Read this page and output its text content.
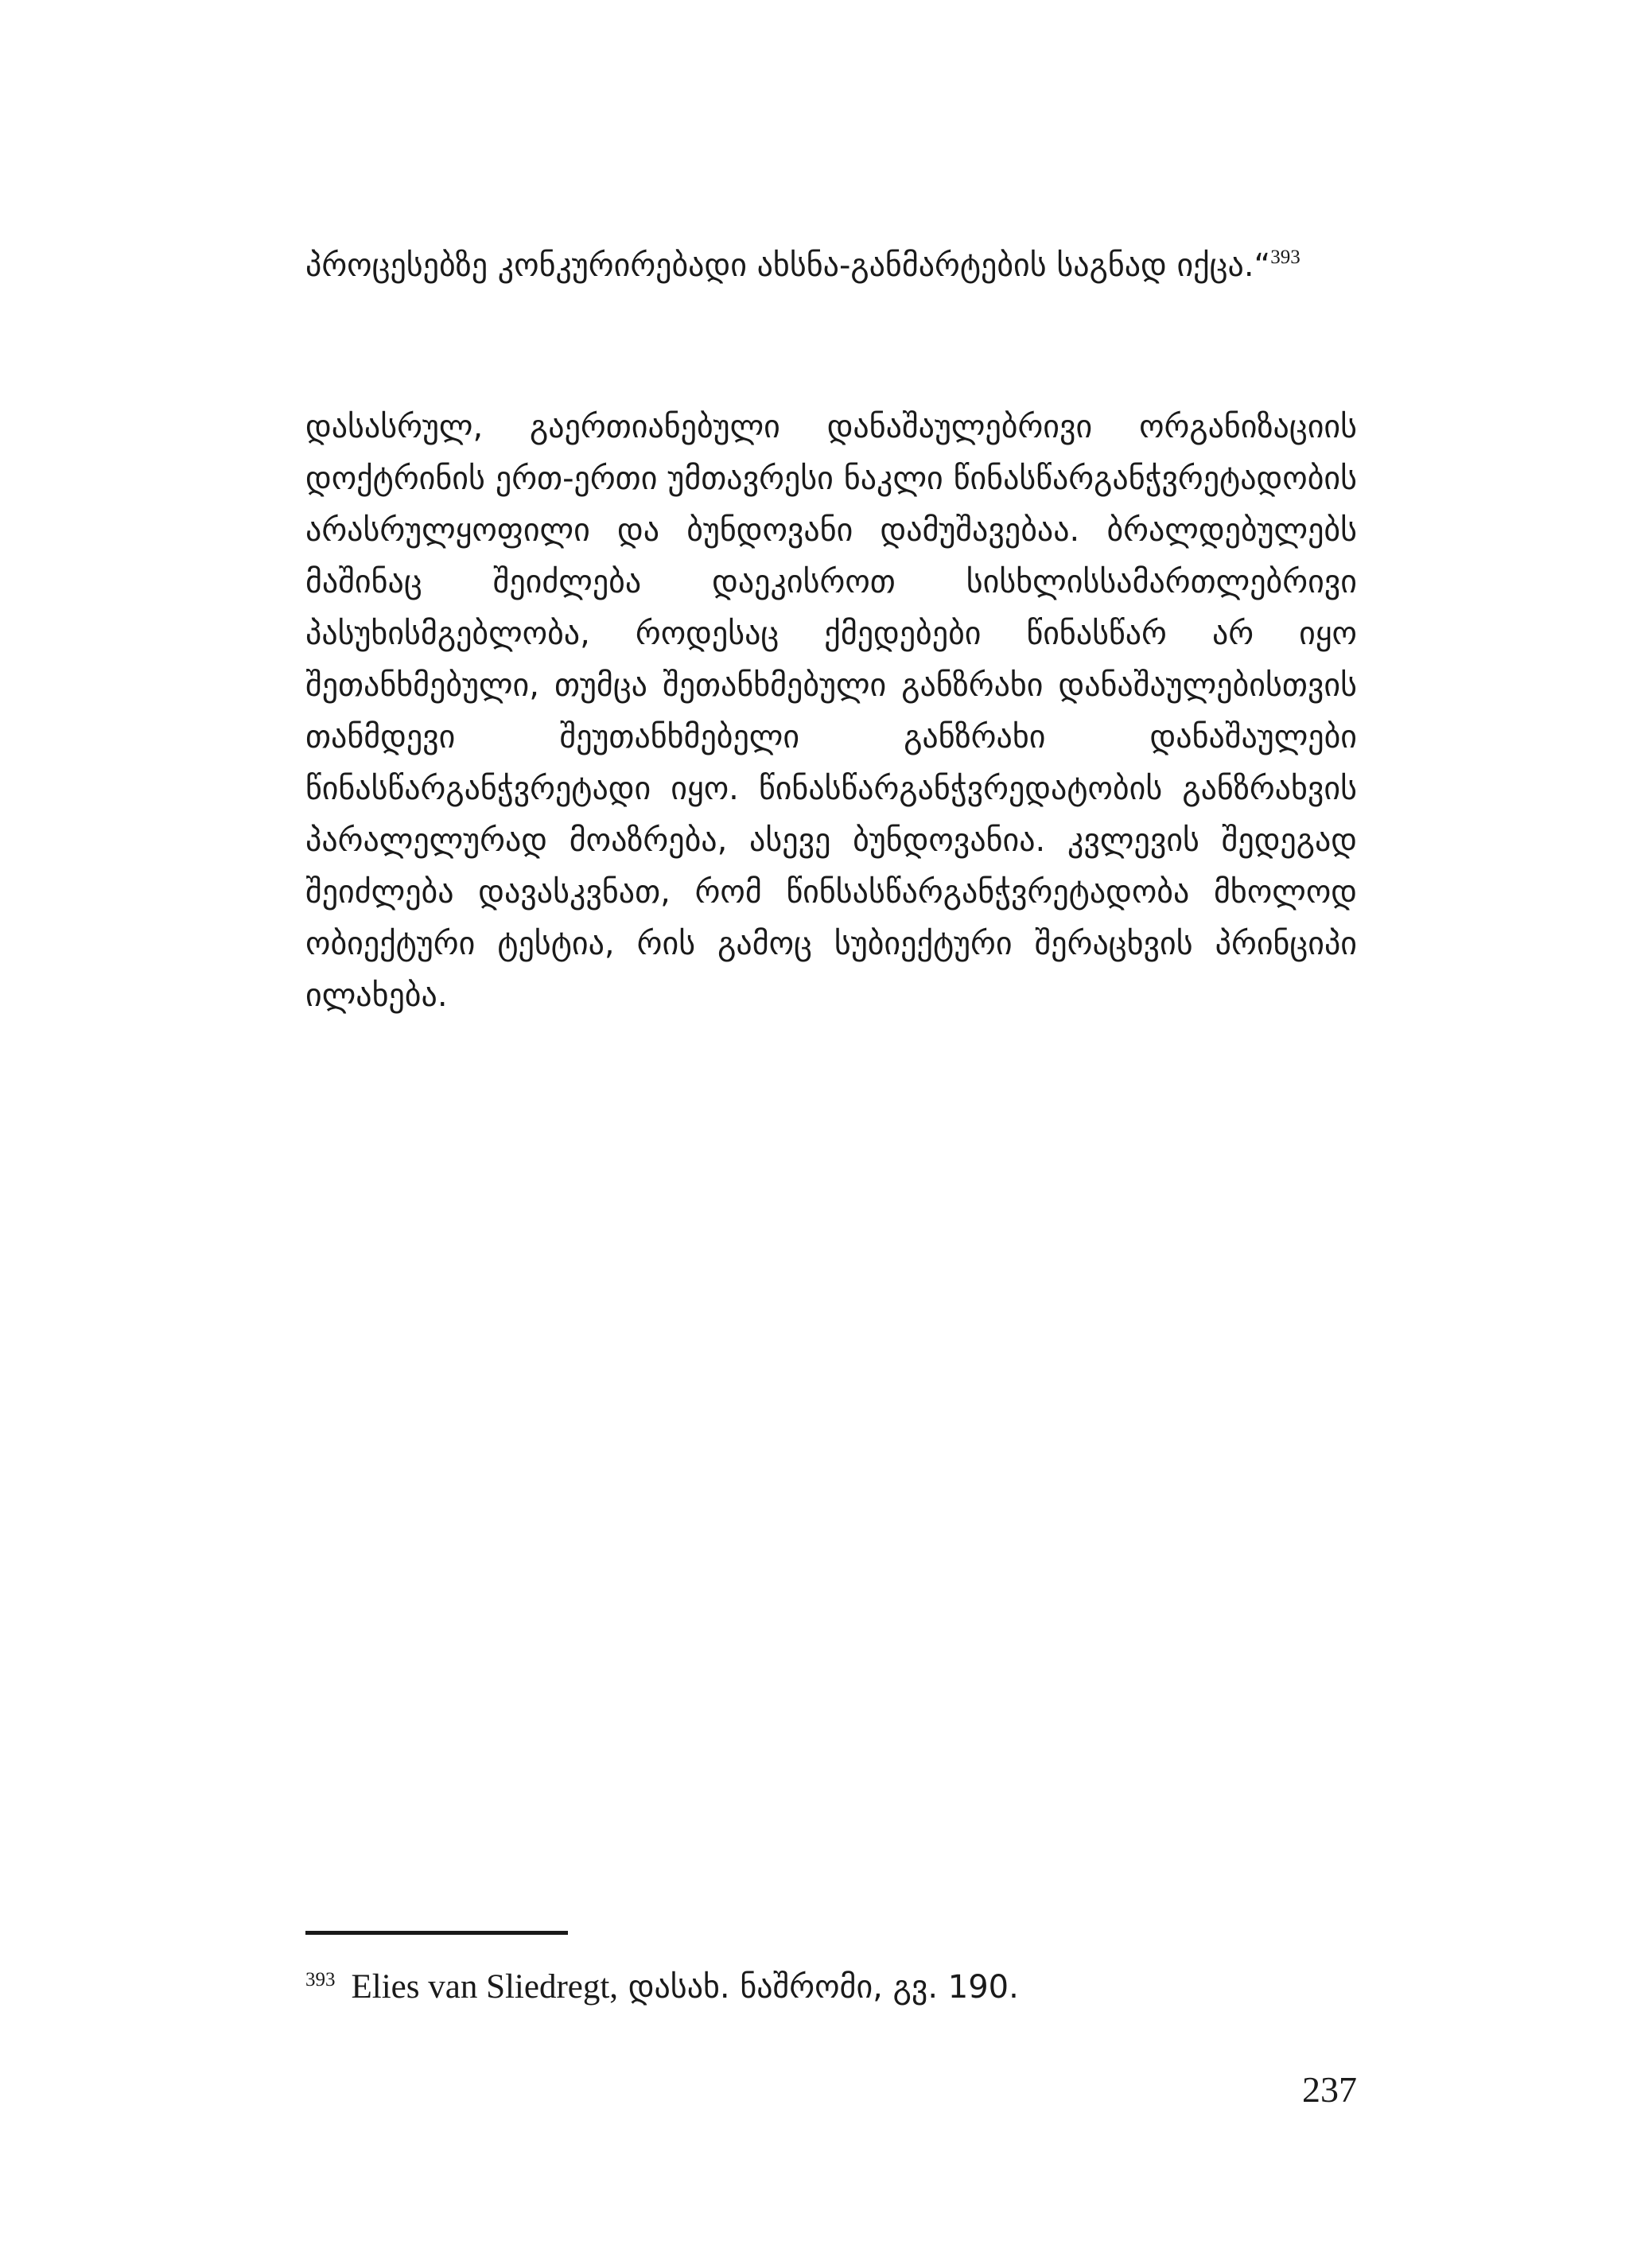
პროცესებზე კონკურირებადი ახსნა-განმარტების საგნად იქცა.“$^{393}$

დასასრულ, გაერთიანებული დანაშაულებრივი ორგანიზაციის დოქტრინის ერთ-ერთი უმთავრესი ნაკლი წინასწარგანჭვრეტადობის არასრულყოფილი და ბუნდოვანი დამუშავებაა. ბრალდებულებს მაშინაც შეიძლება დაეკისროთ სისხლისსამართლებრივი პასუხისმგებლობა, როდესაც ქმედებები წინასწარ არ იყო შეთანხმებული, თუმცა შეთანხმებული განზრახი დანაშაულებისთვის თანმდევი შეუთანხმებელი განზრახი დანაშაულები წინასწარგანჭვრეტადი იყო. წინასწარგანჭვრედატობის განზრახვის პარალელურად მოაზრება, ასევე ბუნდოვანია. კვლევის შედეგად შეიძლება დავასკვნათ, რომ წინსასწარგანჭვრეტადობა მხოლოდ ობიექტური ტესტია, რის გამოც სუბიექტური შერაცხვის პრინციპი ილახება.

$^{393}$ Elies van Sliedregt, დასახ. ნაშრომი, გვ. 190.
237
